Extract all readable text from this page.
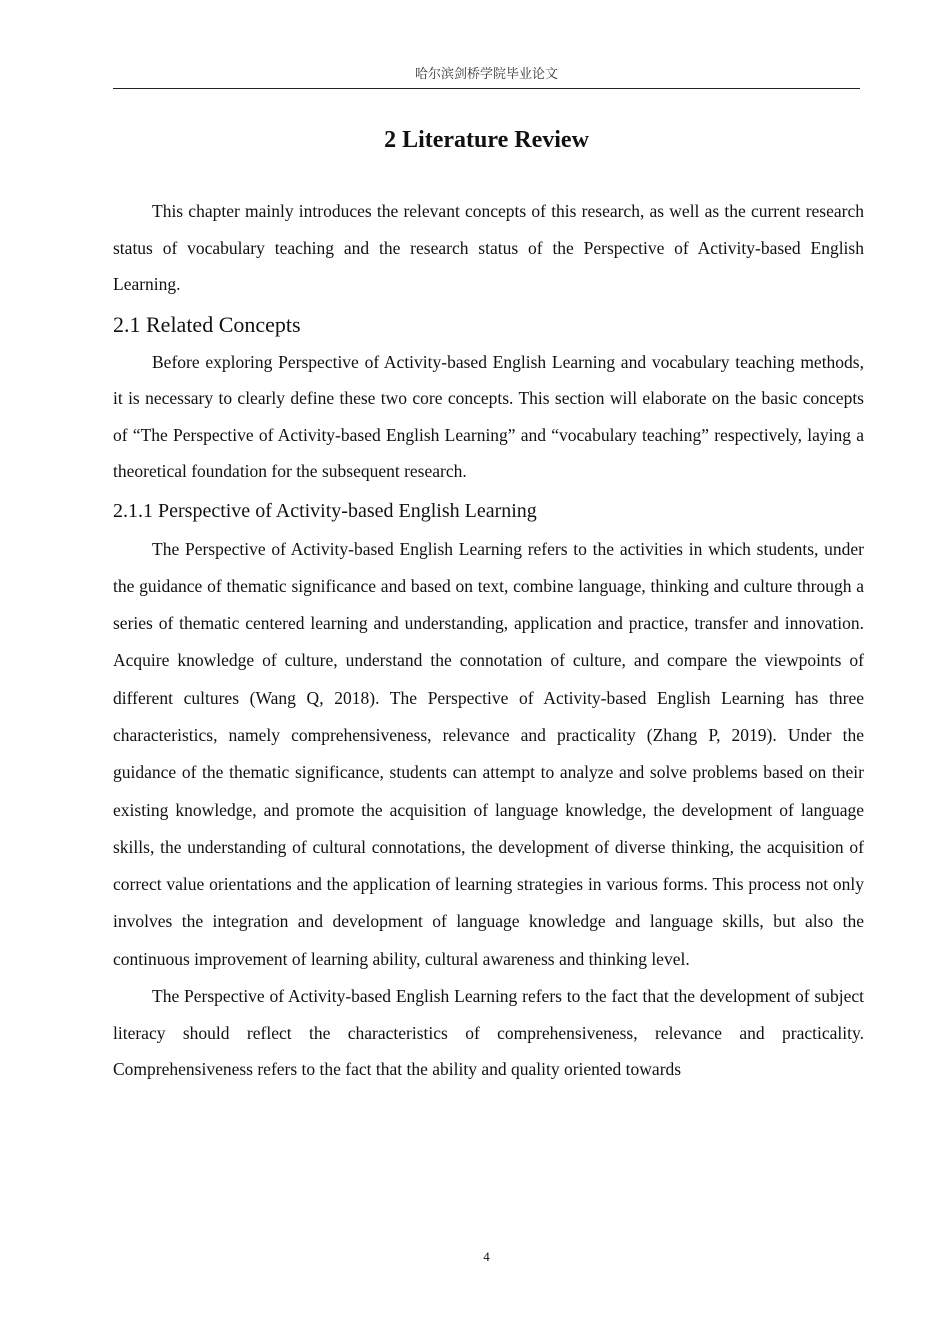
哈尔滨剑桥学院毕业论文
2 Literature Review

This chapter mainly introduces the relevant concepts of this research, as well as the current research status of vocabulary teaching and the research status of the Perspective of Activity-based English Learning.

2.1 Related Concepts

Before exploring Perspective of Activity-based English Learning and vocabulary teaching methods, it is necessary to clearly define these two core concepts. This section will elaborate on the basic concepts of “The Perspective of Activity-based English Learning” and “vocabulary teaching” respectively, laying a theoretical foundation for the subsequent research.

2.1.1 Perspective of Activity-based English Learning

The Perspective of Activity-based English Learning refers to the activities in which students, under the guidance of thematic significance and based on text, combine language, thinking and culture through a series of thematic centered learning and understanding, application and practice, transfer and innovation. Acquire knowledge of culture, understand the connotation of culture, and compare the viewpoints of different cultures (Wang Q, 2018). The Perspective of Activity-based English Learning has three characteristics, namely comprehensiveness, relevance and practicality (Zhang P, 2019). Under the guidance of the thematic significance, students can attempt to analyze and solve problems based on their existing knowledge, and promote the acquisition of language knowledge, the development of language skills, the understanding of cultural connotations, the development of diverse thinking, the acquisition of correct value orientations and the application of learning strategies in various forms. This process not only involves the integration and development of language knowledge and language skills, but also the continuous improvement of learning ability, cultural awareness and thinking level.

The Perspective of Activity-based English Learning refers to the fact that the development of subject literacy should reflect the characteristics of comprehensiveness, relevance and practicality. Comprehensiveness refers to the fact that the ability and quality oriented towards

4
